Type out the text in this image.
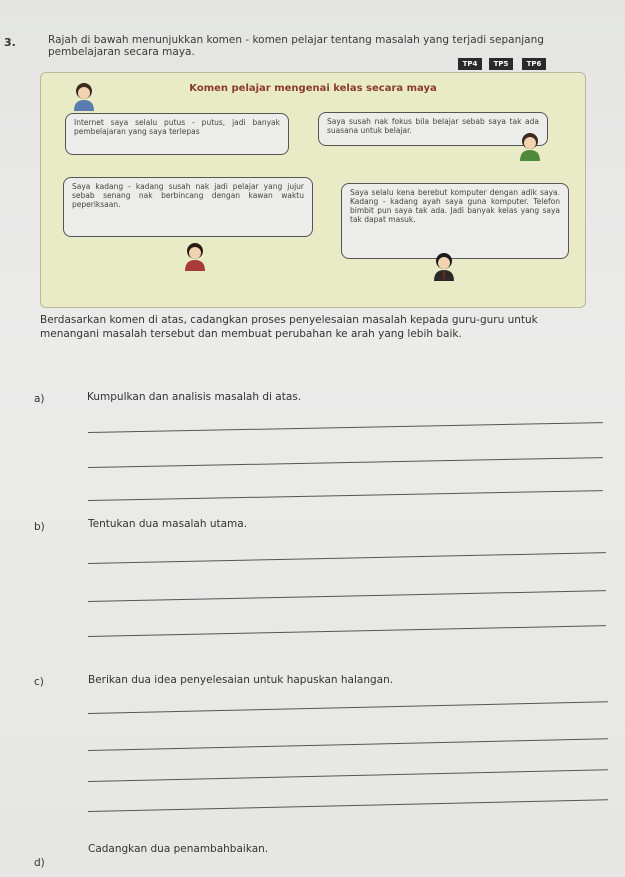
3.	Rajah di bawah menunjukkan komen - komen pelajar tentang masalah yang terjadi sepanjang pembelajaran secara maya.
TP4	TP5	TP6
Komen pelajar mengenai kelas secara maya
Internet saya selalu putus - putus, jadi banyak pembelajaran yang saya terlepas
Saya susah nak fokus bila belajar sebab saya tak ada suasana untuk belajar.
Saya kadang - kadang susah nak jadi pelajar yang jujur sebab senang nak berbincang dengan kawan waktu peperiksaan.
Saya selalu kena berebut komputer dengan adik saya. Kadang - kadang ayah saya guna komputer. Telefon bimbit pun saya tak ada. Jadi banyak kelas yang saya tak dapat masuk.
Berdasarkan komen di atas, cadangkan proses penyelesaian masalah kepada guru-guru untuk menangani masalah tersebut dan membuat perubahan ke arah yang lebih baik.
a)	Kumpulkan dan analisis masalah di atas.
b)	Tentukan dua masalah utama.
c)	Berikan dua idea penyelesaian untuk hapuskan halangan.
d)
Cadangkan dua penambahbaikan.
